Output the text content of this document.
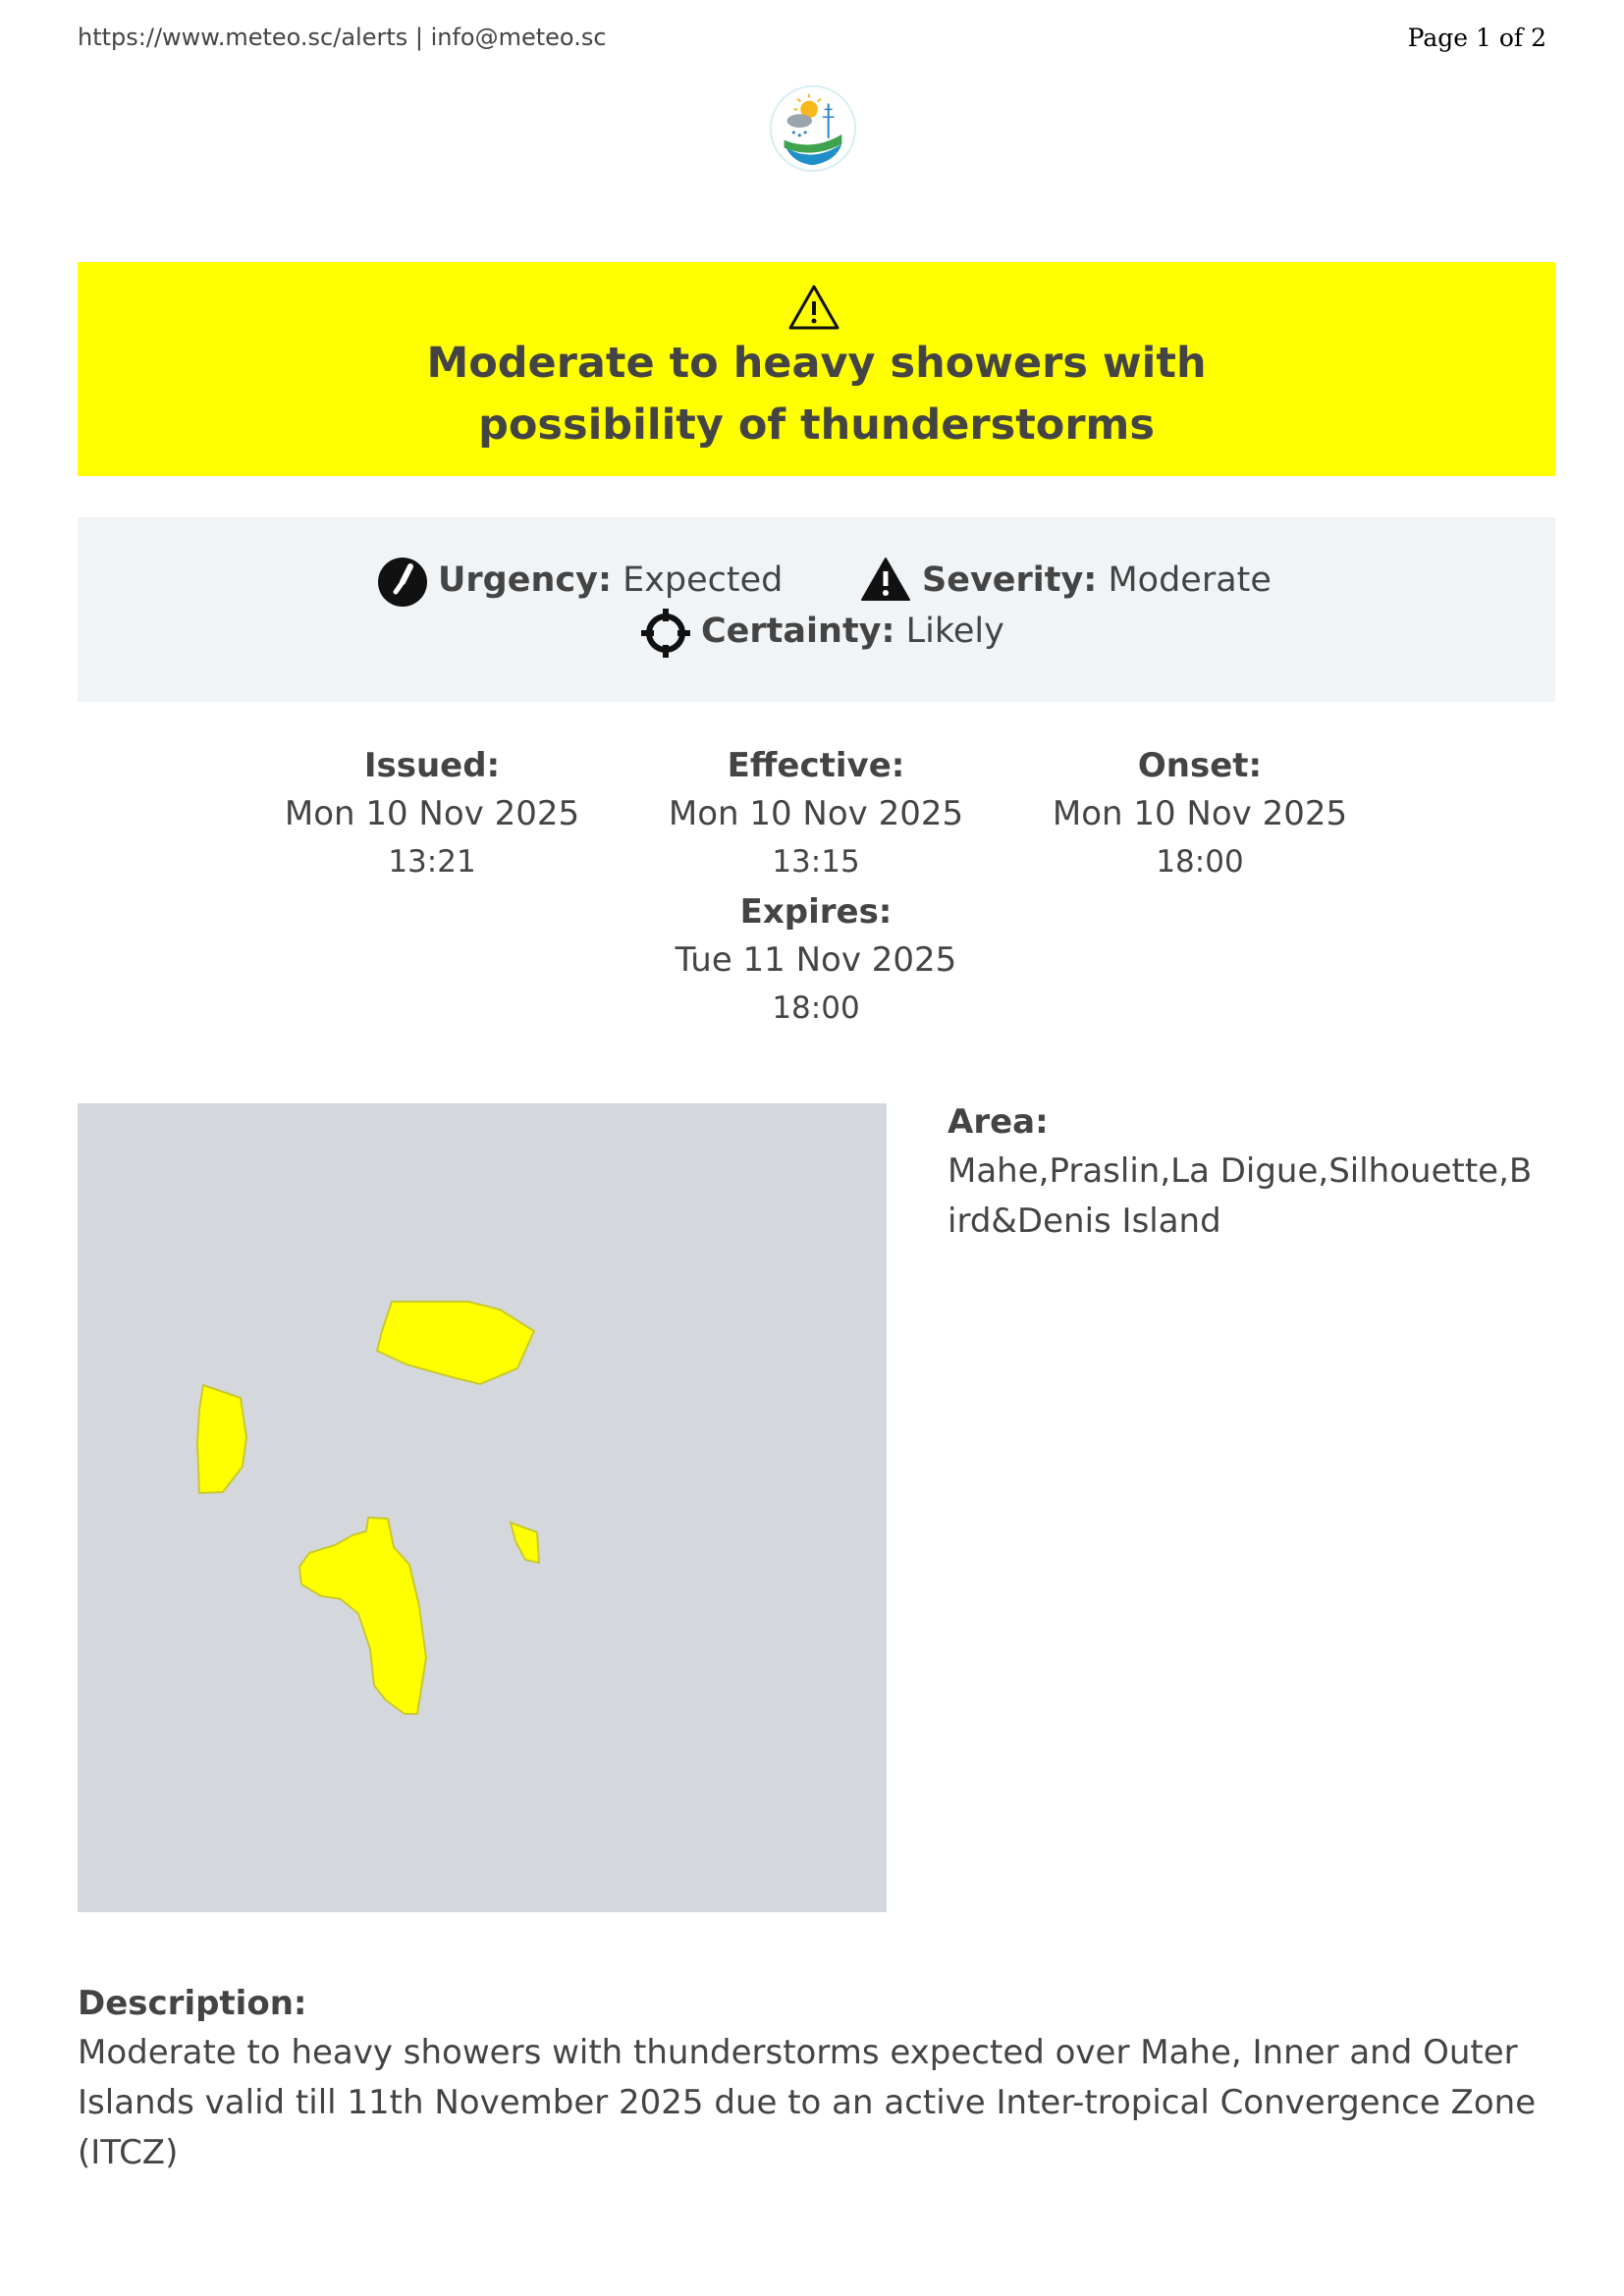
https://www.meteo.sc/alerts | info@meteo.sc	Page 1 of 2
Moderate to heavy showers with possibility of thunderstorms
Urgency: Expected	Severity: Moderate
Certainty: Likely
Issued:
Mon 10 Nov 2025
13:21
Effective:
Mon 10 Nov 2025
13:15
Onset:
Mon 10 Nov 2025
18:00
Expires:
Tue 11 Nov 2025
18:00
Area:
Mahe,Praslin,La Digue,Silhouette,Bird&Denis Island
Description:
Moderate to heavy showers with thunderstorms expected over Mahe, Inner and Outer Islands valid till 11th November 2025 due to an active Inter-tropical Convergence Zone (ITCZ)
